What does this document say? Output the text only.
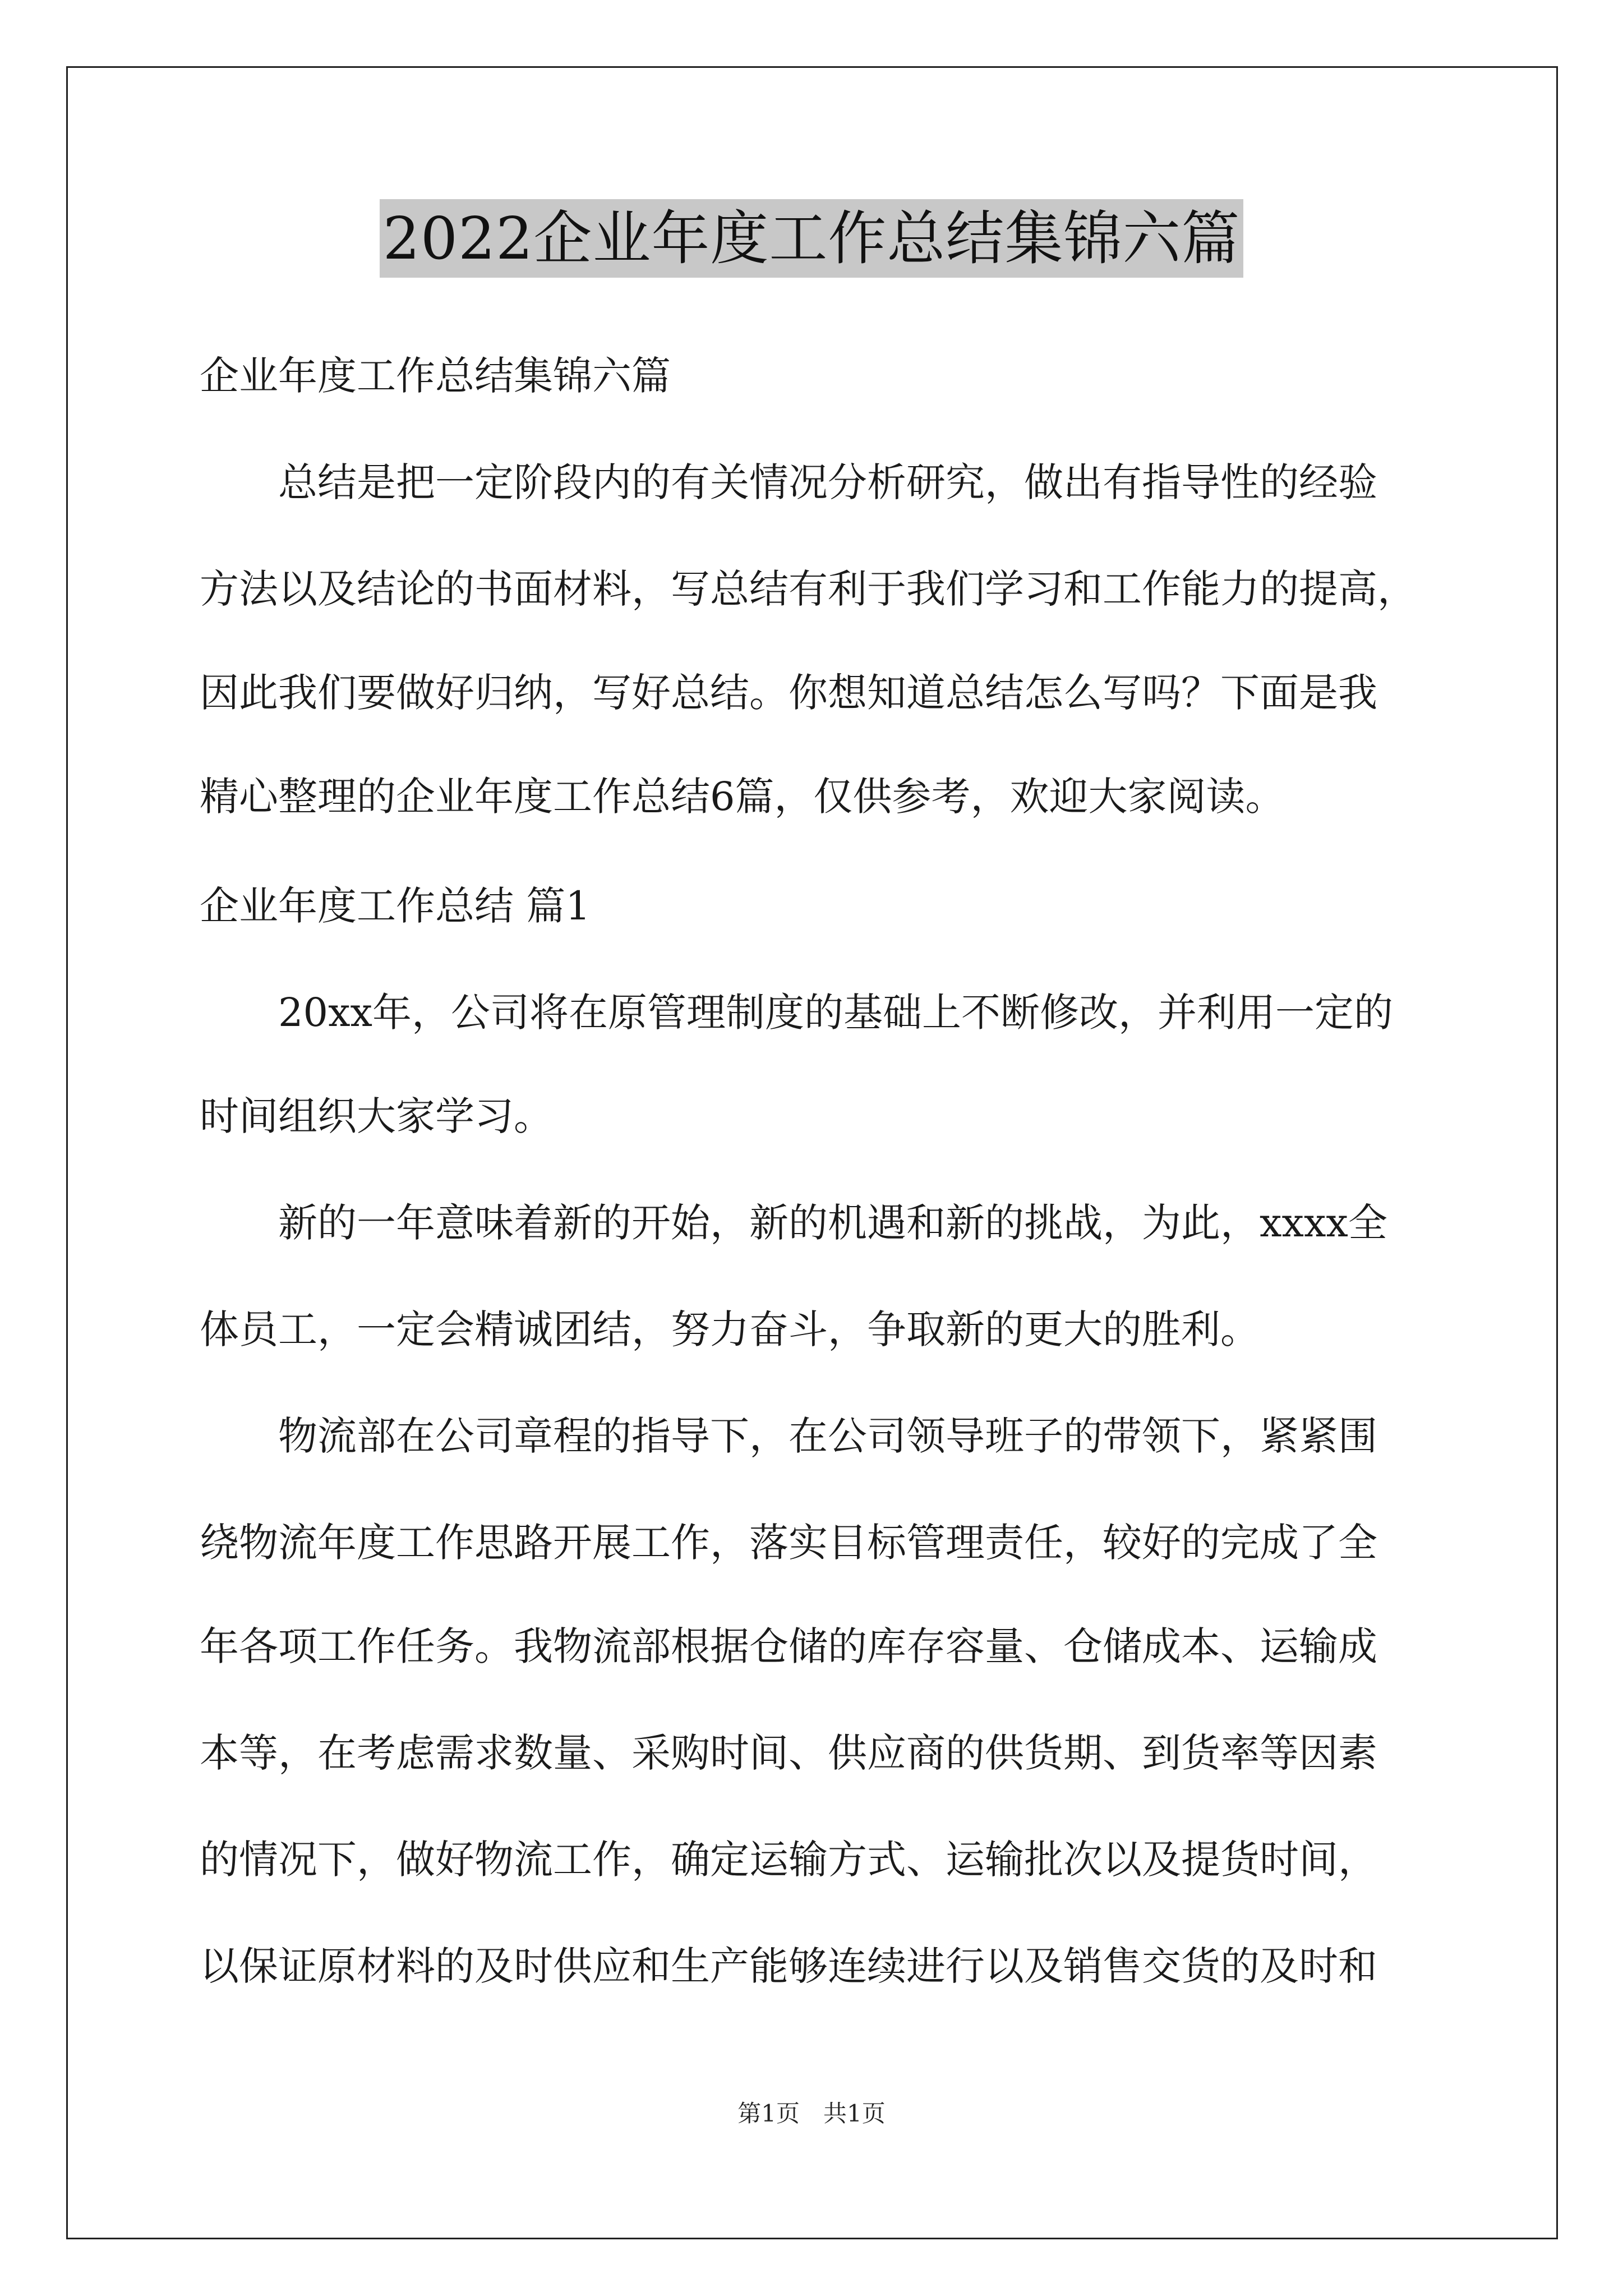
2022企业年度工作总结集锦六篇
企业年度工作总结集锦六篇
　　总结是把一定阶段内的有关情况分析研究，做出有指导性的经验
方法以及结论的书面材料，写总结有利于我们学习和工作能力的提高，
因此我们要做好归纳，写好总结。你想知道总结怎么写吗？下面是我
精心整理的企业年度工作总结6篇，仅供参考，欢迎大家阅读。
企业年度工作总结 篇1
　　20xx年，公司将在原管理制度的基础上不断修改，并利用一定的
时间组织大家学习。
　　新的一年意味着新的开始，新的机遇和新的挑战，为此，xxxx全
体员工，一定会精诚团结，努力奋斗，争取新的更大的胜利。
　　物流部在公司章程的指导下，在公司领导班子的带领下，紧紧围
绕物流年度工作思路开展工作，落实目标管理责任，较好的完成了全
年各项工作任务。我物流部根据仓储的库存容量、仓储成本、运输成
本等，在考虑需求数量、采购时间、供应商的供货期、到货率等因素
的情况下，做好物流工作，确定运输方式、运输批次以及提货时间，
以保证原材料的及时供应和生产能够连续进行以及销售交货的及时和
第1页　共1页
